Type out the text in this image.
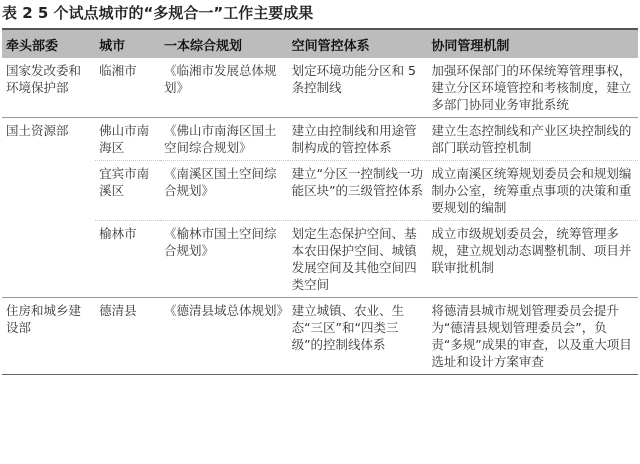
表 2 5 个试点城市的“多规合一”工作主要成果
牵头部委	城市	一本综合规划	空间管控体系	协同管理机制
国家发改委和环境保护部	临湘市	《临湘市发展总体规划》	划定环境功能分区和 5 条控制线	加强环保部门的环保统筹管理事权，建立分区环境管控和考核制度，建立多部门协同业务审批系统
国土资源部	佛山市南海区	《佛山市南海区国土空间综合规划》	建立由控制线和用途管制构成的管控体系	建立生态控制线和产业区块控制线的部门联动管控机制
	宜宾市南溪区	《南溪区国土空间综合规划》	建立“分区一控制线一功能区块”的三级管控体系	成立南溪区统筹规划委员会和规划编制办公室，统筹重点事项的决策和重要规划的编制
	榆林市	《榆林市国土空间综合规划》	划定生态保护空间、基本农田保护空间、城镇发展空间及其他空间四类空间	成立市级规划委员会，统筹管理多规，建立规划动态调整机制、项目并联审批机制
住房和城乡建设部	德清县	《德清县域总体规划》	建立城镇、农业、生态“三区”和“四类三级”的控制线体系	将德清县城市规划管理委员会提升为“德清县规划管理委员会”，负责“多规”成果的审查，以及重大项目选址和设计方案审查
